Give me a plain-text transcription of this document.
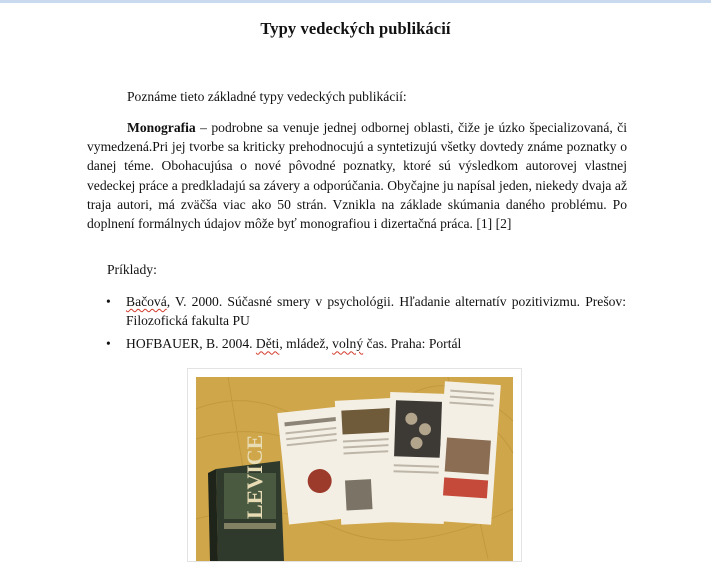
Typy vedeckých publikácií

Poznáme tieto základné typy vedeckých publikácií:

Monografia – podrobne sa venuje jednej odbornej oblasti, čiže je úzko špecializovaná, či vymedzená.Pri jej tvorbe sa kriticky prehodnocujú a syntetizujú všetky dovtedy známe poznatky o danej téme. Obohacujúsa o nové pôvodné poznatky, ktoré sú výsledkom autorovej vlastnej vedeckej práce a predkladajú sa závery a odporúčania. Obyčajne ju napísal jeden, niekedy dvaja až traja autori, má zväčša viac ako 50 strán. Vznikla na základe skúmania daného problému. Po doplnení formálnych údajov môže byť monografiou i dizertačná práca. [1] [2]

Príklady:
• Bačová, V. 2000. Súčasné smery v psychológii. Hľadanie alternatív pozitivizmu. Prešov: Filozofická fakulta PU
• HOFBAUER, B. 2004. Děti, mládež, volný čas. Praha: Portál
LEVICE
